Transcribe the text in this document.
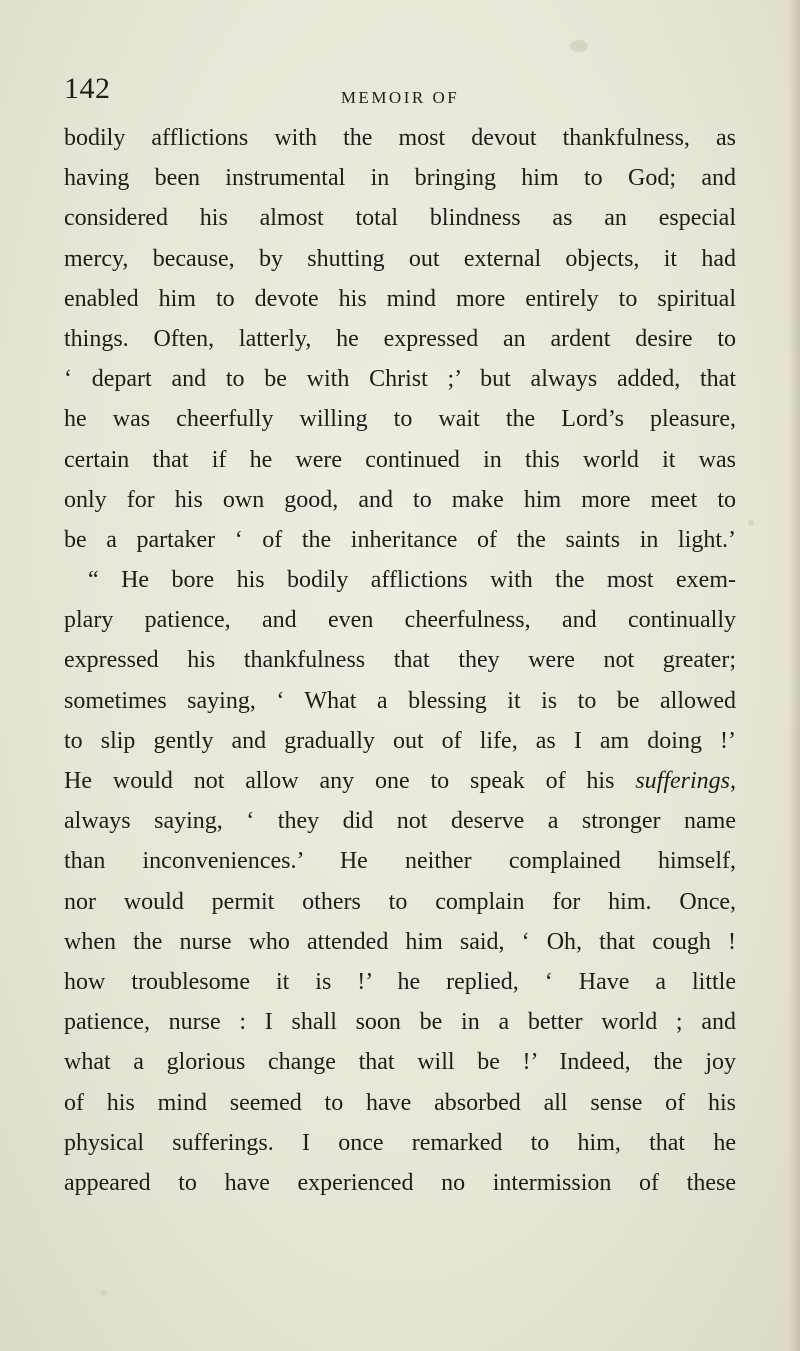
142	MEMOIR OF
bodily afflictions with the most devout thankfulness, as
having been instrumental in bringing him to God; and
considered his almost total blindness as an especial
mercy, because, by shutting out external objects, it had
enabled him to devote his mind more entirely to spiritual
things. Often, latterly, he expressed an ardent desire to
‘ depart and to be with Christ ;’ but always added, that
he was cheerfully willing to wait the Lord’s pleasure,
certain that if he were continued in this world it was
only for his own good, and to make him more meet to
be a partaker ‘ of the inheritance of the saints in light.’
“ He bore his bodily afflictions with the most exem-
plary patience, and even cheerfulness, and continually
expressed his thankfulness that they were not greater;
sometimes saying, ‘ What a blessing it is to be allowed
to slip gently and gradually out of life, as I am doing !’
He would not allow any one to speak of his sufferings,
always saying, ‘ they did not deserve a stronger name
than inconveniences.’ He neither complained himself,
nor would permit others to complain for him. Once,
when the nurse who attended him said, ‘ Oh, that cough !
how troublesome it is !’ he replied, ‘ Have a little
patience, nurse : I shall soon be in a better world ; and
what a glorious change that will be !’ Indeed, the joy
of his mind seemed to have absorbed all sense of his
physical sufferings. I once remarked to him, that he
appeared to have experienced no intermission of these
